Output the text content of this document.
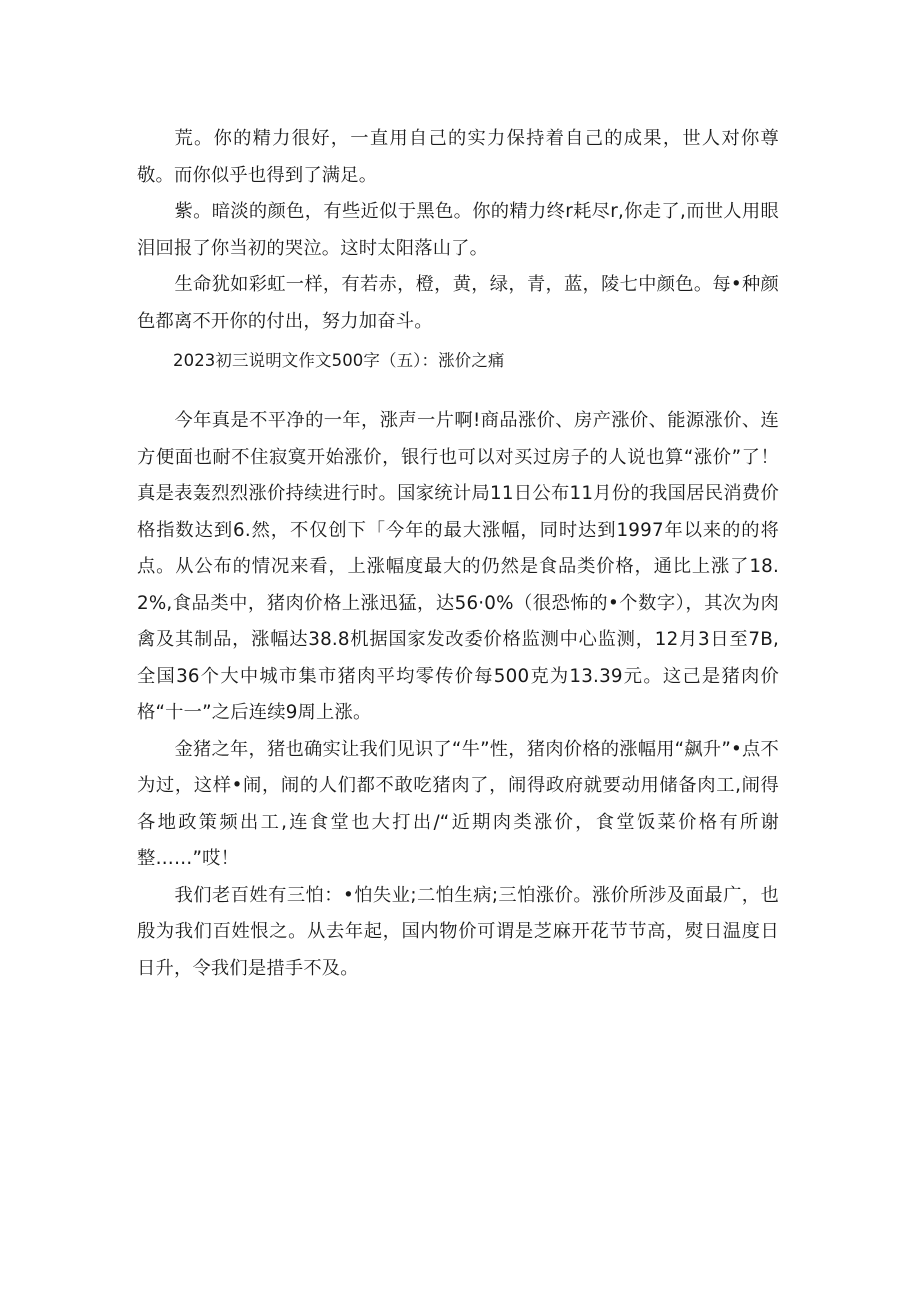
荒。你的精力很好，一直用自己的实力保持着自己的成果，世人对你尊敬。而你似乎也得到了满足。

紫。暗淡的颜色，有些近似于黑色。你的精力终r耗尽r,你走了,而世人用眼泪回报了你当初的哭泣。这时太阳落山了。

生命犹如彩虹一样，有若赤，橙，黄，绿，青，蓝，陵七中颜色。每•种颜色都离不开你的付出，努力加奋斗。

2023初三说明文作文500字（五）：涨价之痛

今年真是不平净的一年，涨声一片啊!商品涨价、房产涨价、能源涨价、连方便面也耐不住寂寞开始涨价，银行也可以对买过房子的人说也算“涨价”了！真是表轰烈烈涨价持续进行时。国家统计局11日公布11月份的我国居民消费价格指数达到6.然，不仅创下「今年的最大涨幅，同时达到1997年以来的的将点。从公布的情况来看，上涨幅度最大的仍然是食品类价格，通比上涨了18.2%,食品类中，猪肉价格上涨迅猛，达56·0%（很恐怖的•个数字），其次为肉禽及其制品，涨幅达38.8机据国家发改委价格监测中心监测，12月3日至7B,全国36个大中城市集市猪肉平均零传价每500克为13.39元。这己是猪肉价格“十一”之后连续9周上涨。

金猪之年，猪也确实让我们见识了“牛”性，猪肉价格的涨幅用“飙升”•点不为过，这样•闹，闹的人们都不敢吃猪肉了，闹得政府就要动用储备肉工,闹得各地政策频出工,连食堂也大打出/“近期肉类涨价，食堂饭菜价格有所谢整……”哎！

我们老百姓有三怕：•怕失业;二怕生病;三怕涨价。涨价所涉及面最广，也殷为我们百姓恨之。从去年起，国内物价可谓是芝麻开花节节高，熨日温度日日升，令我们是措手不及。
